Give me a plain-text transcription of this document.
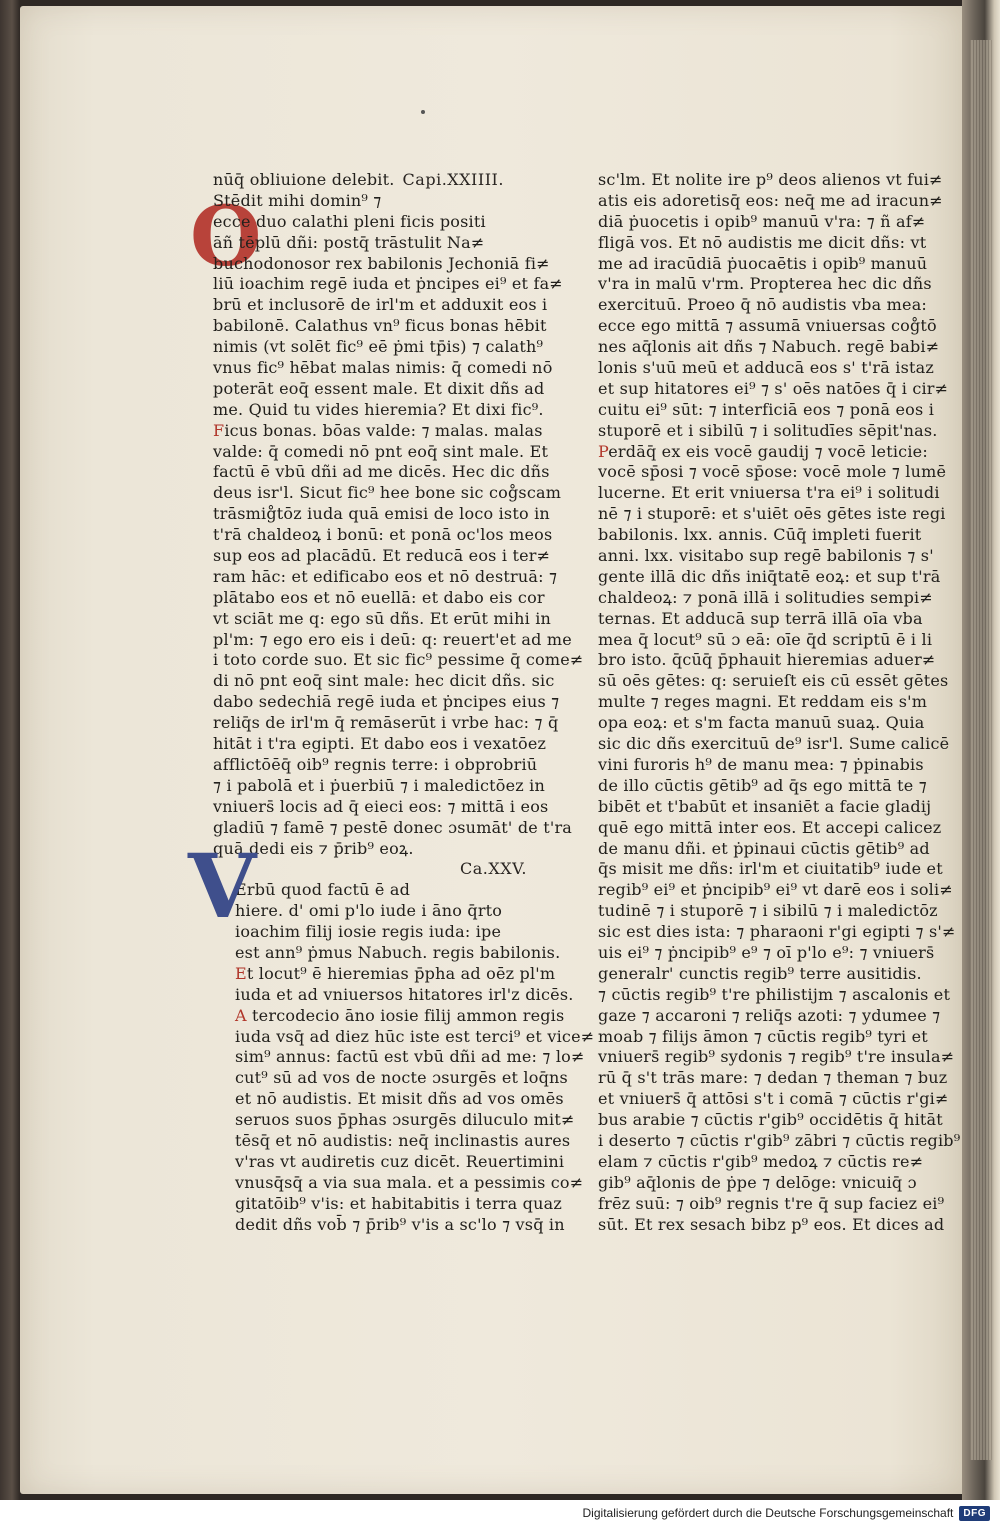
O
nūq̄ obliuione delebit. Capi.XXIIII.
Stēdit mihi domin⁹ ⁊
ecce duo calathi pleni ficis positi
āñ tēplū dñi: postq̄ trāstulit Na≠
buchodonosor rex babilonis Jechoniā fi≠
liū ioachim regē iuda et ṗncipes ei⁹ et fa≠
brū et inclusorē de irl'm et adduxit eos i
babilonē. Calathus vn⁹ ficus bonas hēbit
nimis (vt solēt fic⁹ eē ṗmi tp̄is) ⁊ calath⁹
vnus fic⁹ hēbat malas nimis: q̄ comedi nō
poterāt eoq̄ essent male. Et dixit dñs ad
me. Quid tu vides hieremia? Et dixi fic⁹.
Ficus bonas. bōas valde: ⁊ malas. malas
valde: q̄ comedi nō pnt eoq̄ sint male. Et
factū ē vbū dñi ad me dicēs. Hec dic dñs
deus isr'l. Sicut fic⁹ hee bone sic cog̊scam
trāsmig̊tōz iuda quā emisi de loco isto in
t'rā chaldeoꝝ i bonū: et ponā oc'los meos
sup eos ad placādū. Et reducā eos i ter≠
ram hāc: et edificabo eos et nō destruā: ⁊
plātabo eos et nō euellā: et dabo eis cor
vt sciāt me q: ego sū dñs. Et erūt mihi in
pl'm: ⁊ ego ero eis i deū: q: reuert'et ad me
i toto corde suo. Et sic fic⁹ pessime q̄ come≠
di nō pnt eoq̄ sint male: hec dicit dñs. sic
dabo sedechiā regē iuda et ṗncipes eius ⁊
reliq̄s de irl'm q̄ remāserūt i vrbe hac: ⁊ q̄
hitāt i t'ra egipti. Et dabo eos i vexatōez
afflictōēq̄ oib⁹ regnis terre: i obprobriū
⁊ i pabolā et i ṗuerbiū ⁊ i maledictōez in
vniuers̄ locis ad q̄ eieci eos: ⁊ mittā i eos
gladiū ⁊ famē ⁊ pestē donec ɔsumāt' de t'ra
quā dedi eis ⁊ p̄rib⁹ eoꝝ.
Ca.XXV.
Erbū quod factū ē ad
hiere. d' omi p'lo iude i āno q̄rto
ioachim filij iosie regis iuda: ipe
est ann⁹ ṗmus Nabuch. regis babilonis.
Et locut⁹ ē hieremias p̄pha ad oēz pl'm
iuda et ad vniuersos hitatores irl'z dicēs.
A tercodecio āno iosie filij ammon regis
iuda vsq̄ ad diez hūc iste est terci⁹ et vice≠
sim⁹ annus: factū est vbū dñi ad me: ⁊ lo≠
cut⁹ sū ad vos de nocte ɔsurgēs et loq̄ns
et nō audistis. Et misit dñs ad vos omēs
seruos suos p̄phas ɔsurgēs diluculo mit≠
tēsq̄ et nō audistis: neq̄ inclinastis aures
v'ras vt audiretis cuz dicēt. Reuertimini
vnusq̄sq̄ a via sua mala. et a pessimis co≠
gitatōib⁹ v'is: et habitabitis i terra quaz
dedit dñs vob̄ ⁊ p̄rib⁹ v'is a sc'lo ⁊ vsq̄ in
V
sc'lm. Et nolite ire p⁹ deos alienos vt fui≠
atis eis adoretisq̄ eos: neq̄ me ad iracun≠
diā ṗuocetis i opib⁹ manuū v'ra: ⁊ ñ af≠
fligā vos. Et nō audistis me dicit dñs: vt
me ad iracūdiā ṗuocaētis i opib⁹ manuū
v'ra in malū v'rm. Propterea hec dic dñs
exercituū. Proeo q̄ nō audistis vba mea:
ecce ego mittā ⁊ assumā vniuersas cog̊tō
nes aq̄lonis ait dñs ⁊ Nabuch. regē babi≠
lonis s'uū meū et adducā eos s' t'rā istaz
et sup hitatores ei⁹ ⁊ s' oēs natōes q̄ i cir≠
cuitu ei⁹ sūt: ⁊ interficiā eos ⁊ ponā eos i
stuporē et i sibilū ⁊ i solitudīes sēpit'nas.
Perdāq̄ ex eis vocē gaudij ⁊ vocē leticie:
vocē sp̄osi ⁊ vocē sp̄ose: vocē mole ⁊ lumē
lucerne. Et erit vniuersa t'ra ei⁹ i solitudi
nē ⁊ i stuporē: et s'uiēt oēs gētes iste regi
babilonis. lxx. annis. Cūq̄ impleti fuerit
anni. lxx. visitabo sup regē babilonis ⁊ s'
gente illā dic dñs iniq̄tatē eoꝝ: et sup t'rā
chaldeoꝝ: ⁊ ponā illā i solitudies sempi≠
ternas. Et adducā sup terrā illā oīa vba
mea q̄ locut⁹ sū ɔ eā: oīe q̄d scriptū ē i li
bro isto. q̄cūq̄ p̄phauit hieremias aduer≠
sū oēs gētes: q: seruieſt eis cū essēt gētes
multe ⁊ reges magni. Et reddam eis s'm
opa eoꝝ: et s'm facta manuū suaꝝ. Quia
sic dic dñs exercituū de⁹ isr'l. Sume calicē
vini furoris h⁹ de manu mea: ⁊ ṗpinabis
de illo cūctis gētib⁹ ad q̄s ego mittā te ⁊
bibēt et t'babūt et insaniēt a facie gladij
quē ego mittā inter eos. Et accepi calicez
de manu dñi. et ṗpinaui cūctis gētib⁹ ad
q̄s misit me dñs: irl'm et ciuitatib⁹ iude et
regib⁹ ei⁹ et ṗncipib⁹ ei⁹ vt darē eos i soli≠
tudinē ⁊ i stuporē ⁊ i sibilū ⁊ i maledictōz
sic est dies ista: ⁊ pharaoni r'gi egipti ⁊ s'≠
uis ei⁹ ⁊ ṗncipib⁹ e⁹ ⁊ oī p'lo e⁹: ⁊ vniuers̄
generalr' cunctis regib⁹ terre ausitidis.
⁊ cūctis regib⁹ t're philistijm ⁊ ascalonis et
gaze ⁊ accaroni ⁊ reliq̄s azoti: ⁊ ydumee ⁊
moab ⁊ filijs āmon ⁊ cūctis regib⁹ tyri et
vniuers̄ regib⁹ sydonis ⁊ regib⁹ t're insula≠
rū q̄ s't trās mare: ⁊ dedan ⁊ theman ⁊ buz
et vniuers̄ q̄ attōsi s't i comā ⁊ cūctis r'gi≠
bus arabie ⁊ cūctis r'gib⁹ occidētis q̄ hitāt
i deserto ⁊ cūctis r'gib⁹ zābri ⁊ cūctis regib⁹
elam ⁊ cūctis r'gib⁹ medoꝝ ⁊ cūctis re≠
gib⁹ aq̄lonis de ṗpe ⁊ delōge: vnicuiq̄ ɔ
frēz suū: ⁊ oib⁹ regnis t're q̄ sup faciez ei⁹
sūt. Et rex sesach bibz p⁹ eos. Et dices ad
Digitalisierung gefördert durch die Deutsche Forschungsgemeinschaft	DFG
